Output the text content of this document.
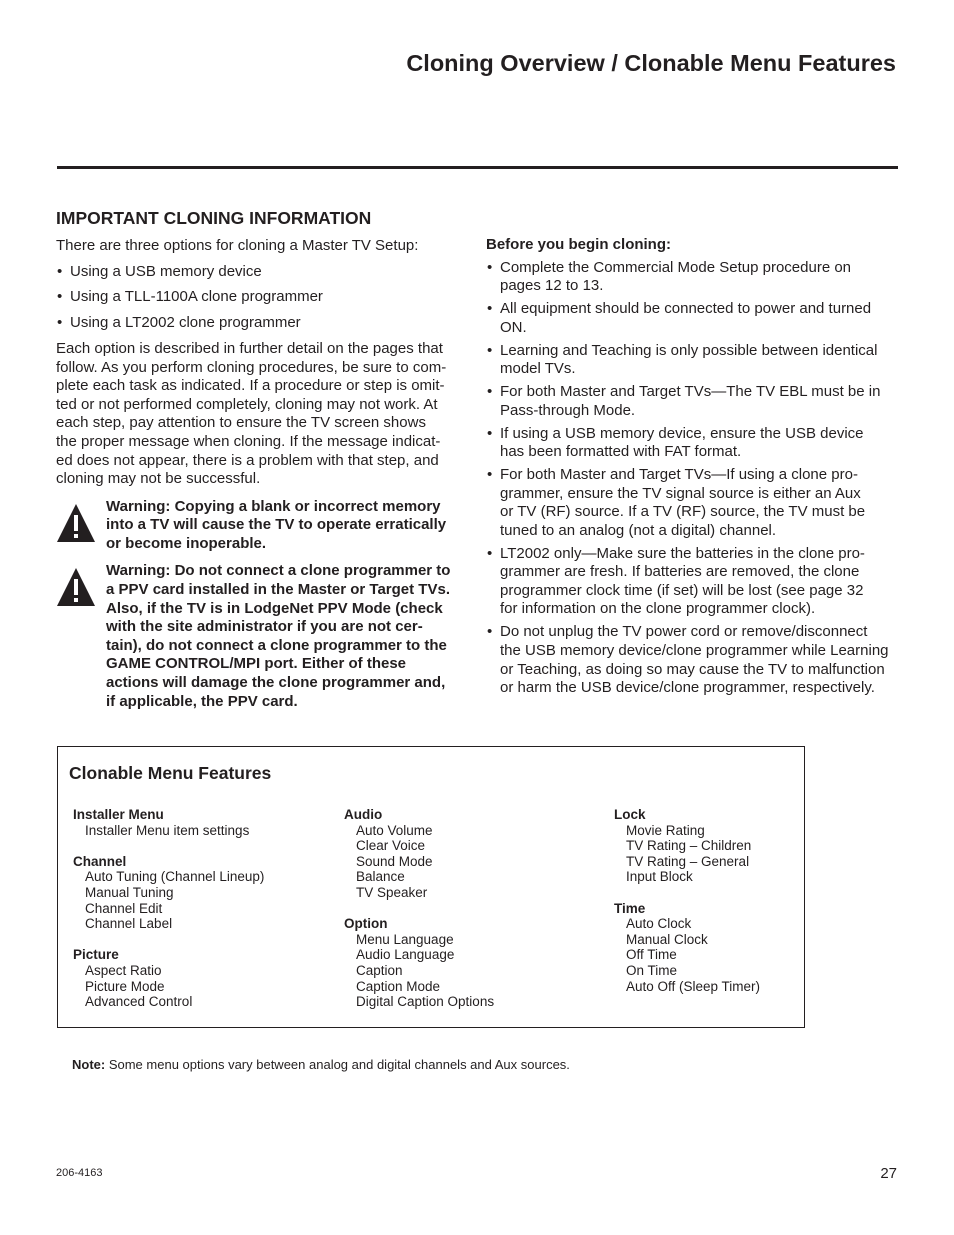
Cloning Overview / Clonable Menu Features
IMPORTANT CLONING INFORMATION

There are three options for cloning a Master TV Setup:

• Using a USB memory device
• Using a TLL-1100A clone programmer
• Using a LT2002 clone programmer

Each option is described in further detail on the pages that
follow. As you perform cloning procedures, be sure to com-
plete each task as indicated. If a procedure or step is omit-
ted or not performed completely, cloning may not work. At
each step, pay attention to ensure the TV screen shows
the proper message when cloning. If the message indicat-
ed does not appear, there is a problem with that step, and
cloning may not be successful.

Warning: Copying a blank or incorrect memory
into a TV will cause the TV to operate erratically
or become inoperable.
Warning: Do not connect a clone programmer to
a PPV card installed in the Master or Target TVs.
Also, if the TV is in LodgeNet PPV Mode (check
with the site administrator if you are not cer-
tain), do not connect a clone programmer to the
GAME CONTROL/MPI port. Either of these
actions will damage the clone programmer and,
if applicable, the PPV card.

Before you begin cloning:

• Complete the Commercial Mode Setup procedure on
pages 12 to 13.
• All equipment should be connected to power and turned
ON.
• Learning and Teaching is only possible between identical
model TVs.
• For both Master and Target TVs—The TV EBL must be in
Pass-through Mode.
• If using a USB memory device, ensure the USB device
has been formatted with FAT format.
• For both Master and Target TVs—If using a clone pro-
grammer, ensure the TV signal source is either an Aux
or TV (RF) source. If a TV (RF) source, the TV must be
tuned to an analog (not a digital) channel.
• LT2002 only—Make sure the batteries in the clone pro-
grammer are fresh. If batteries are removed, the clone
programmer clock time (if set) will be lost (see page 32
for information on the clone programmer clock).
• Do not unplug the TV power cord or remove/disconnect
the USB memory device/clone programmer while Learning
or Teaching, as doing so may cause the TV to malfunction
or harm the USB device/clone programmer, respectively.
Clonable Menu Features
Installer Menu
Installer Menu item settings
Channel
Auto Tuning (Channel Lineup)
Manual Tuning
Channel Edit
Channel Label
Picture
Aspect Ratio
Picture Mode
Advanced Control
Audio
Auto Volume
Clear Voice
Sound Mode
Balance
TV Speaker
Option
Menu Language
Audio Language
Caption
Caption Mode
Digital Caption Options
Lock
Movie Rating
TV Rating – Children
TV Rating – General
Input Block
Time
Auto Clock
Manual Clock
Off Time
On Time
Auto Off (Sleep Timer)

Note: Some menu options vary between analog and digital channels and Aux sources.

206-4163	27
